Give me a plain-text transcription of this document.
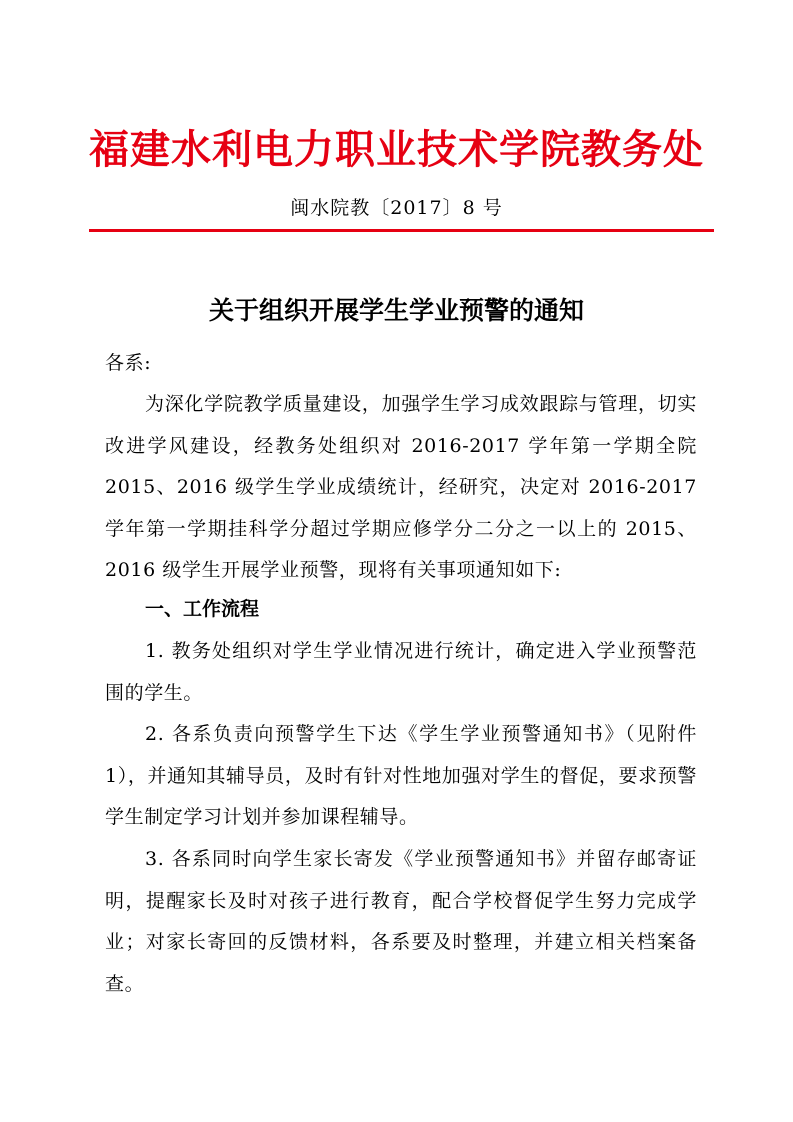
福建水利电力职业技术学院教务处
闽水院教〔2017〕8 号
关于组织开展学生学业预警的通知
各系:

为深化学院教学质量建设，加强学生学习成效跟踪与管理，切实改进学风建设，经教务处组织对 2016-2017 学年第一学期全院 2015、2016 级学生学业成绩统计，经研究，决定对 2016-2017 学年第一学期挂科学分超过学期应修学分二分之一以上的 2015、2016 级学生开展学业预警，现将有关事项通知如下:

一、工作流程

1. 教务处组织对学生学业情况进行统计，确定进入学业预警范围的学生。

2. 各系负责向预警学生下达《学生学业预警通知书》（见附件 1），并通知其辅导员，及时有针对性地加强对学生的督促，要求预警学生制定学习计划并参加课程辅导。

3. 各系同时向学生家长寄发《学业预警通知书》并留存邮寄证明，提醒家长及时对孩子进行教育，配合学校督促学生努力完成学业；对家长寄回的反馈材料，各系要及时整理，并建立相关档案备查。
